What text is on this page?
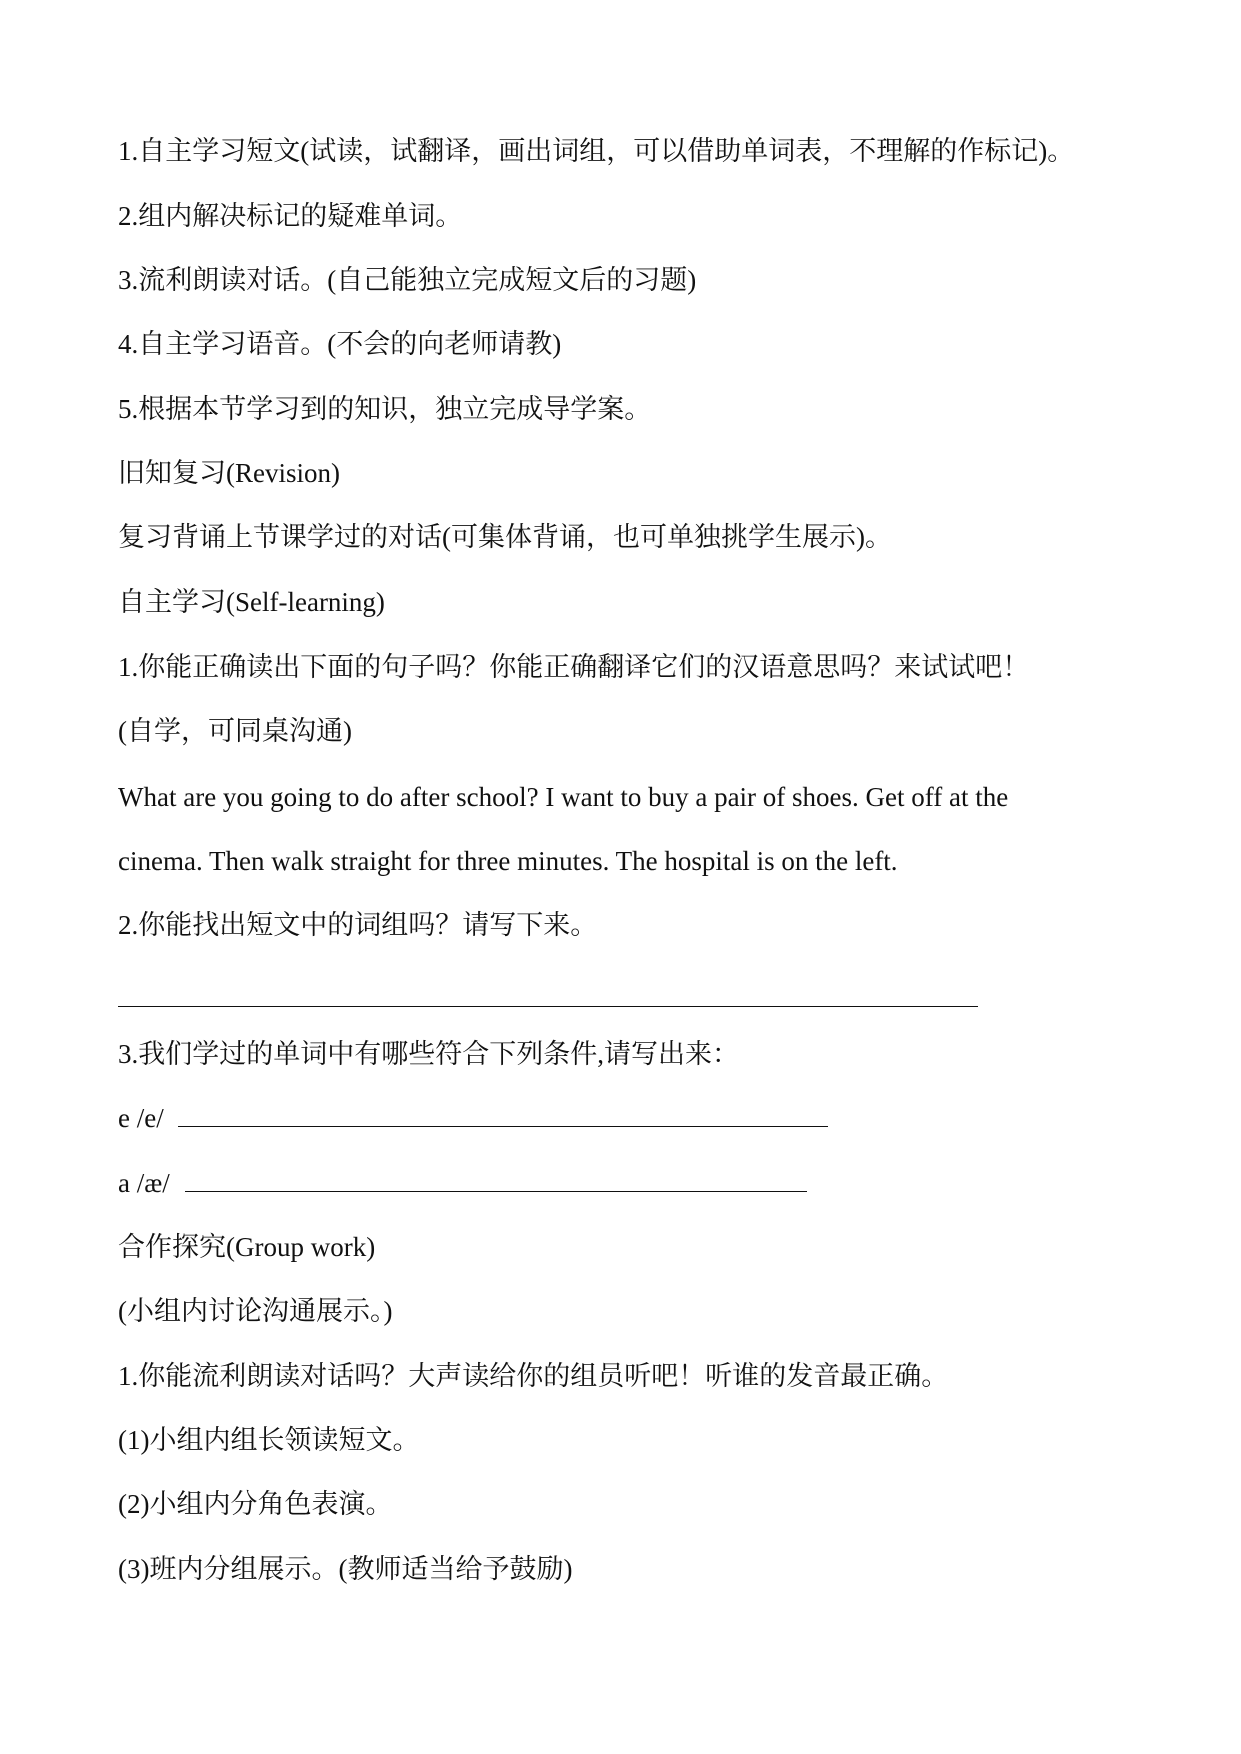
1.自主学习短文(试读，试翻译，画出词组，可以借助单词表，不理解的作标记)。
2.组内解决标记的疑难单词。
3.流利朗读对话。(自己能独立完成短文后的习题)
4.自主学习语音。(不会的向老师请教)
5.根据本节学习到的知识，独立完成导学案。
旧知复习(Revision)
复习背诵上节课学过的对话(可集体背诵，也可单独挑学生展示)。
自主学习(Self-learning)
1.你能正确读出下面的句子吗？你能正确翻译它们的汉语意思吗？来试试吧！
(自学，可同桌沟通)
What are you going to do after school? I want to buy a pair of shoes. Get off at the
cinema. Then walk straight for three minutes. The hospital is on the left.
2.你能找出短文中的词组吗？请写下来。
3.我们学过的单词中有哪些符合下列条件,请写出来：
e /e/
a /æ/
合作探究(Group work)
(小组内讨论沟通展示。)
1.你能流利朗读对话吗？大声读给你的组员听吧！听谁的发音最正确。
(1)小组内组长领读短文。
(2)小组内分角色表演。
(3)班内分组展示。(教师适当给予鼓励)
